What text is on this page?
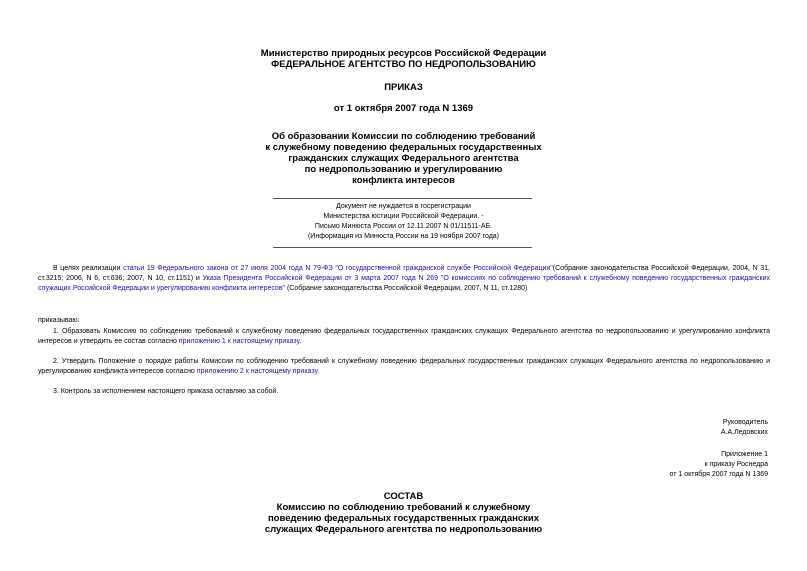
Министерство природных ресурсов Российской Федерации
ФЕДЕРАЛЬНОЕ АГЕНТСТВО ПО НЕДРОПОЛЬЗОВАНИЮ
ПРИКАЗ
от 1 октября 2007 года N 1369
Об образовании Комиссии по соблюдению требований
к служебному поведению федеральных государственных
гражданских служащих Федерального агентства
по недропользованию и урегулированию
конфликта интересов
Документ не нуждается в госрегистрации
Министерства юстиции Российской Федерации. -
Письмо Минюста России от 12.11.2007 N 01/11511-АБ.
(Информация из Минюста России на 19 ноября 2007 года)
В целях реализации статьи 19 Федерального закона от 27 июля 2004 года N 79-ФЗ "О государственной гражданской службе Российской Федерации"(Собрание законодательства Российской Федерации, 2004, N 31, ст.3215; 2006, N 6, ст.636; 2007, N 10, ст.1151) и Указа Президента Российской Федерации от 3 марта 2007 года N 269 "О комиссиях по соблюдению требований к служебному поведению государственных гражданских служащих Российской Федерации и урегулированию конфликта интересов" (Собрание законодательства Российской Федерации, 2007, N 11, ст.1280)
приказываю:
1. Образовать Комиссию по соблюдению требований к служебному поведению федеральных государственных гражданских служащих Федерального агентства по недропользованию и урегулированию конфликта интересов и утвердить ее состав согласно приложению 1 к настоящему приказу.
2. Утвердить Положение о порядке работы Комиссии по соблюдению требований к служебному поведению федеральных государственных гражданских служащих Федерального агентства по недропользованию и урегулированию конфликта интересов согласно приложению 2 к настоящему приказу.
3. Контроль за исполнением настоящего приказа оставляю за собой.
Руководитель
А.А.Ледовских
Приложение 1
к приказу Роснедра
от 1 октября 2007 года N 1369
СОСТАВ
Комиссию по соблюдению требований к служебному
поведению федеральных государственных гражданских
служащих Федерального агентства по недропользованию
